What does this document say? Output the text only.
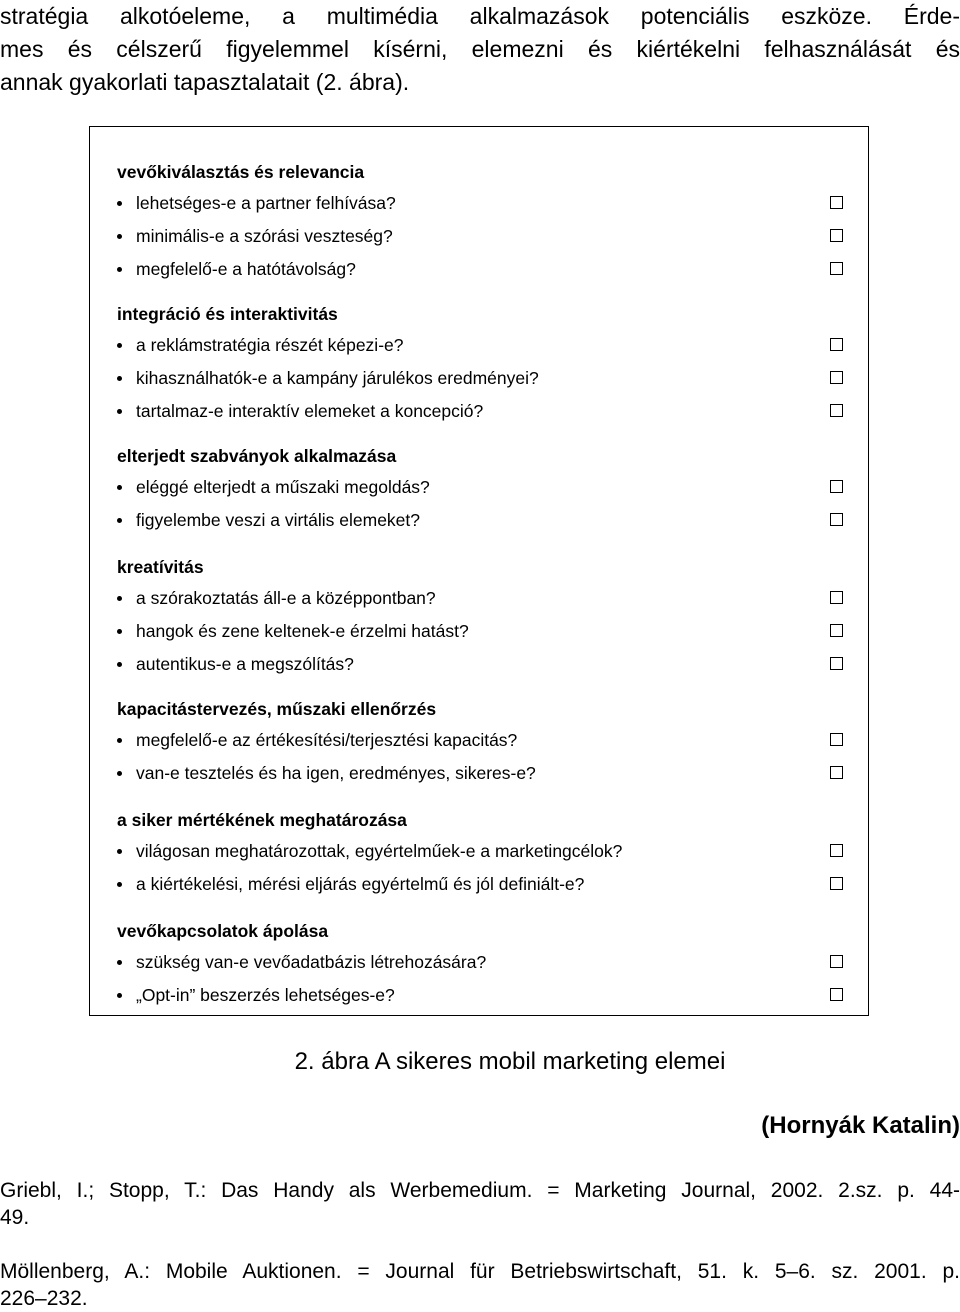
stratégia alkotóeleme, a multimédia alkalmazások potenciális eszköze. Érde-
mes és célszerű figyelemmel kísérni, elemezni és kiértékelni felhasználását és
annak gyakorlati tapasztalatait (2. ábra).
vevőkiválasztás és relevancia
lehetséges-e a partner felhívása?
minimális-e a szórási veszteség?
megfelelő-e a hatótávolság?
integráció és interaktivitás
a reklámstratégia részét képezi-e?
kihasználhatók-e a kampány járulékos eredményei?
tartalmaz-e interaktív elemeket a koncepció?
elterjedt szabványok alkalmazása
eléggé elterjedt a műszaki megoldás?
figyelembe veszi a virtális elemeket?
kreatívitás
a szórakoztatás áll-e a középpontban?
hangok és zene keltenek-e érzelmi hatást?
autentikus-e a megszólítás?
kapacitástervezés, műszaki ellenőrzés
megfelelő-e az értékesítési/terjesztési kapacitás?
van-e tesztelés és ha igen, eredményes, sikeres-e?
a siker mértékének meghatározása
világosan meghatározottak, egyértelműek-e a marketingcélok?
a kiértékelési, mérési eljárás egyértelmű és jól definiált-e?
vevőkapcsolatok ápolása
szükség van-e vevőadatbázis létrehozására?
„Opt-in” beszerzés lehetséges-e?
2. ábra A sikeres mobil marketing elemei
(Hornyák Katalin)
Griebl, I.; Stopp, T.: Das Handy als Werbemedium. = Marketing Journal, 2002. 2.sz. p. 44-
49.
Möllenberg, A.: Mobile Auktionen. = Journal für Betriebswirtschaft, 51. k. 5–6. sz. 2001. p.
226–232.
